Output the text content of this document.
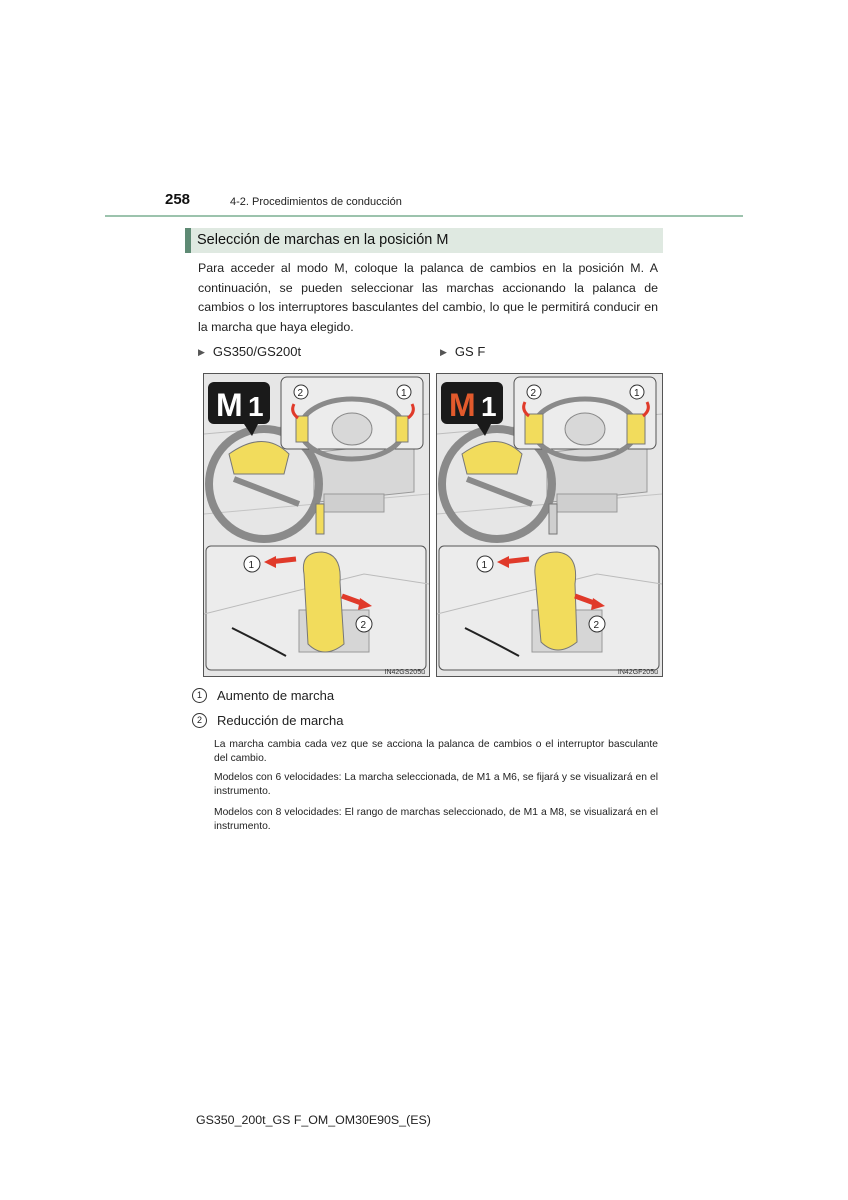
258	4-2. Procedimientos de conducción
Selección de marchas en la posición M
Para acceder al modo M, coloque la palanca de cambios en la posición M. A continuación, se pueden seleccionar las marchas accionando la palanca de cambios o los interruptores basculantes del cambio, lo que le permitirá conducir en la marcha que haya elegido.
▶ GS350/GS200t	▶ GS F
M 1	2	1
1
2
IN42GS205u
M 1	2	1
1
2
IN42GF205u
1	Aumento de marcha
2	Reducción de marcha
La marcha cambia cada vez que se acciona la palanca de cambios o el interruptor basculante del cambio.
Modelos con 6 velocidades: La marcha seleccionada, de M1 a M6, se fijará y se visualizará en el instrumento.
Modelos con 8 velocidades: El rango de marchas seleccionado, de M1 a M8, se visualizará en el instrumento.
GS350_200t_GS F_OM_OM30E90S_(ES)
